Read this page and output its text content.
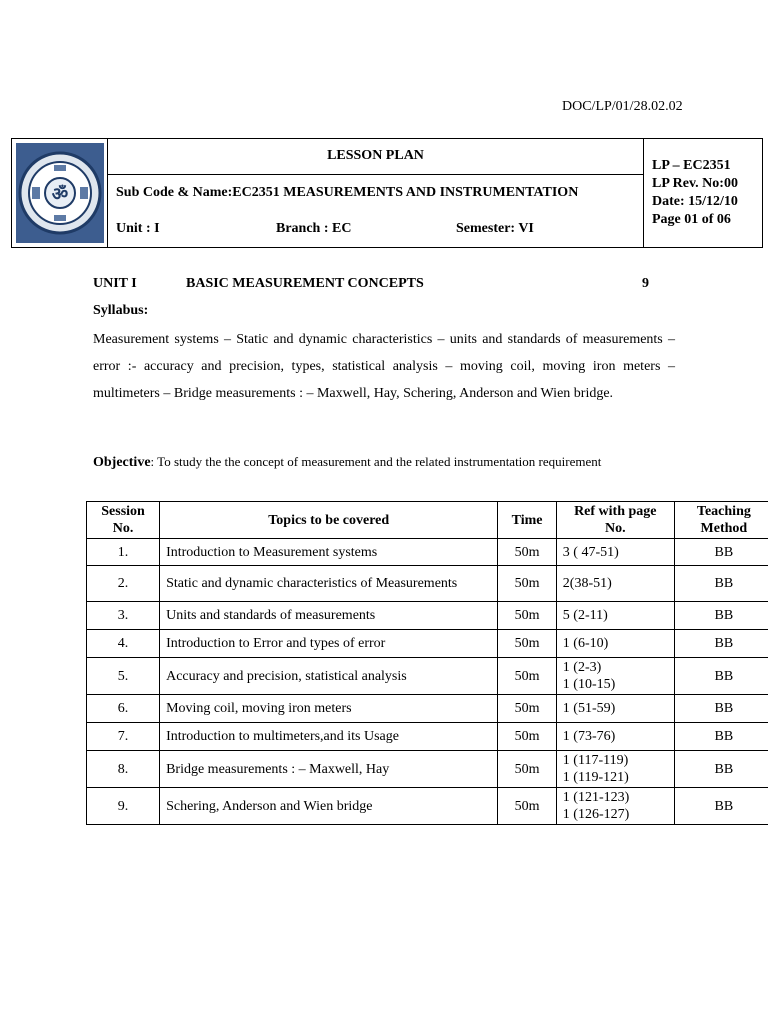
DOC/LP/01/28.02.02
ॐ
LESSON PLAN
Sub Code & Name:EC2351 MEASUREMENTS AND INSTRUMENTATION
Unit : I	Branch : EC	Semester: VI
LP – EC2351
LP Rev. No:00
Date: 15/12/10
Page 01 of 06
UNIT I	BASIC MEASUREMENT CONCEPTS	9
Syllabus:
Measurement systems – Static and dynamic characteristics – units and standards of measurements – error :- accuracy and precision, types, statistical analysis – moving coil, moving iron meters – multimeters – Bridge measurements : – Maxwell, Hay, Schering, Anderson and Wien bridge.
Objective: To study the the concept of measurement and the related instrumentation requirement
Session No.	Topics to be covered	Time	Ref with page No.	Teaching Method
1.	Introduction to Measurement systems	50m	3 ( 47-51)	BB
2.	Static and dynamic characteristics of Measurements	50m	2(38-51)	BB
3.	Units and standards of measurements	50m	5 (2-11)	BB
4.	Introduction to Error and types of error	50m	1 (6-10)	BB
5.	Accuracy and precision, statistical analysis	50m	1 (2-3)
1 (10-15)	BB
6.	Moving coil, moving iron meters	50m	1 (51-59)	BB
7.	Introduction to multimeters,and its Usage	50m	1 (73-76)	BB
8.	Bridge measurements : – Maxwell, Hay	50m	1 (117-119)
1 (119-121)	BB
9.	Schering, Anderson and Wien bridge	50m	1 (121-123)
1 (126-127)	BB
